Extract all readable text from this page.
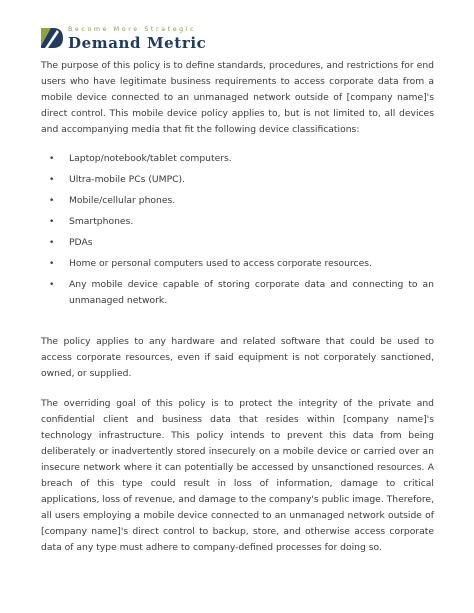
Become More Strategic
Demand Metric

The purpose of this policy is to define standards, procedures, and restrictions for end users who have legitimate business requirements to access corporate data from a mobile device connected to an unmanaged network outside of [company name]'s direct control. This mobile device policy applies to, but is not limited to, all devices and accompanying media that fit the following device classifications:

• Laptop/notebook/tablet computers.
• Ultra-mobile PCs (UMPC).
• Mobile/cellular phones.
• Smartphones.
• PDAs
• Home or personal computers used to access corporate resources.
• Any mobile device capable of storing corporate data and connecting to an unmanaged network.

The policy applies to any hardware and related software that could be used to access corporate resources, even if said equipment is not corporately sanctioned, owned, or supplied.

The overriding goal of this policy is to protect the integrity of the private and confidential client and business data that resides within [company name]'s technology infrastructure. This policy intends to prevent this data from being deliberately or inadvertently stored insecurely on a mobile device or carried over an insecure network where it can potentially be accessed by unsanctioned resources. A breach of this type could result in loss of information, damage to critical applications, loss of revenue, and damage to the company's public image. Therefore, all users employing a mobile device connected to an unmanaged network outside of [company name]'s direct control to backup, store, and otherwise access corporate data of any type must adhere to company-defined processes for doing so.
